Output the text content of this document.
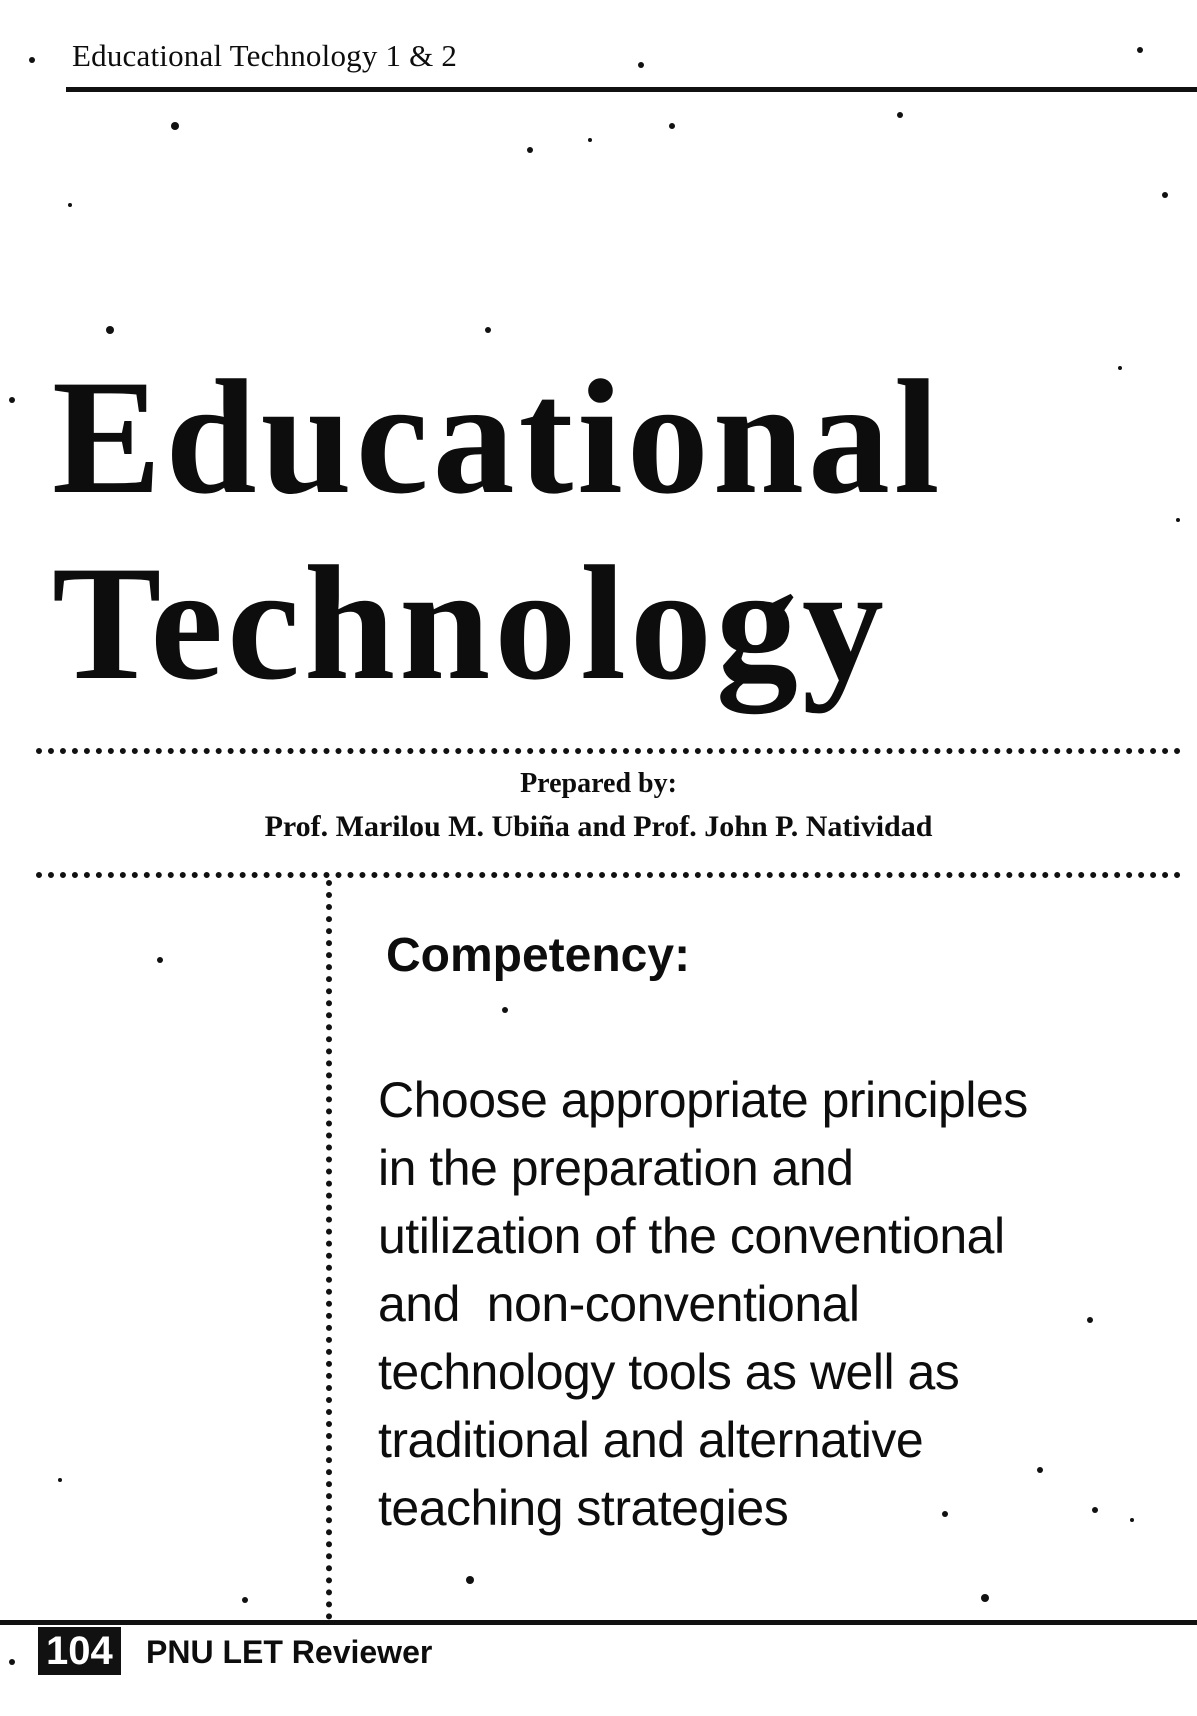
Educational Technology 1 & 2
Educational
Technology
Prepared by:
Prof. Marilou M. Ubiña and Prof. John P. Natividad
Competency:
Choose appropriate principles
in the preparation and
utilization of the conventional
and  non-conventional
technology tools as well as
traditional and alternative
teaching strategies
104 PNU LET Reviewer
